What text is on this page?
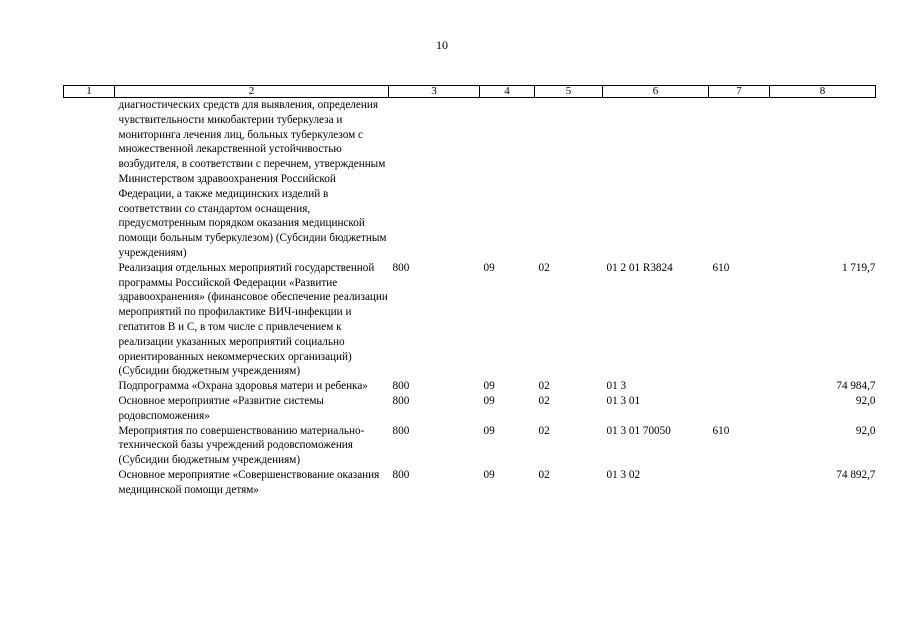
10
1	2	3	4	5	6	7	8
	диагностических средств для выявления, определения чувствительности микобактерии туберкулеза и мониторинга лечения лиц, больных туберкулезом с множественной лекарственной устойчивостью возбудителя, в соответствии с перечнем, утвержденным Министерством здравоохранения Российской Федерации, а также медицинских изделий в соответствии со стандартом оснащения, предусмотренным порядком оказания медицинской помощи больным туберкулезом) (Субсидии бюджетным учреждениям)						
	Реализация отдельных мероприятий государственной программы Российской Федерации «Развитие здравоохранения» (финансовое обеспечение реализации мероприятий по профилактике ВИЧ-инфекции и гепатитов В и С, в том числе с привлечением к реализации указанных мероприятий социально ориентированных некоммерческих организаций) (Субсидии бюджетным учреждениям)	800	09	02	01 2 01 R3824	610	1 719,7
	Подпрограмма «Охрана здоровья матери и ребенка»	800	09	02	01 3		74 984,7
	Основное мероприятие «Развитие системы родовспоможения»	800	09	02	01 3 01		92,0
	Мероприятия по совершенствованию материально-технической базы учреждений родовспоможения (Субсидии бюджетным учреждениям)	800	09	02	01 3 01 70050	610	92,0
	Основное мероприятие «Совершенствование оказания медицинской помощи детям»	800	09	02	01 3 02		74 892,7
